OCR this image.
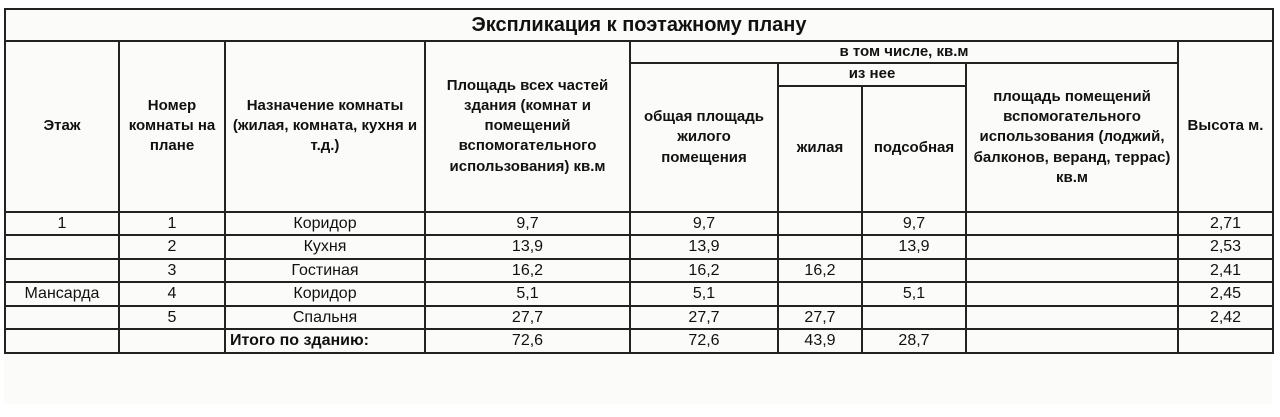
Экспликация к поэтажному плану								
Этаж	Номер комнаты на плане	Назначение комнаты (жилая, комната, кухня и т.д.)	Площадь всех частей здания (комнат и помещений вспомогательного использования) кв.м	в том числе, кв.м				Высота м.
				общая площадь жилого помещения	из нее		площадь помещений вспомогательного использования (лоджий, балконов, веранд, террас) кв.м	
					жилая	подсобная		
1	1	Коридор	9,7	9,7		9,7		2,71
	2	Кухня	13,9	13,9		13,9		2,53
	3	Гостиная	16,2	16,2	16,2			2,41
Мансарда	4	Коридор	5,1	5,1		5,1		2,45
	5	Спальня	27,7	27,7	27,7			2,42
		Итого по зданию:	72,6	72,6	43,9	28,7		
